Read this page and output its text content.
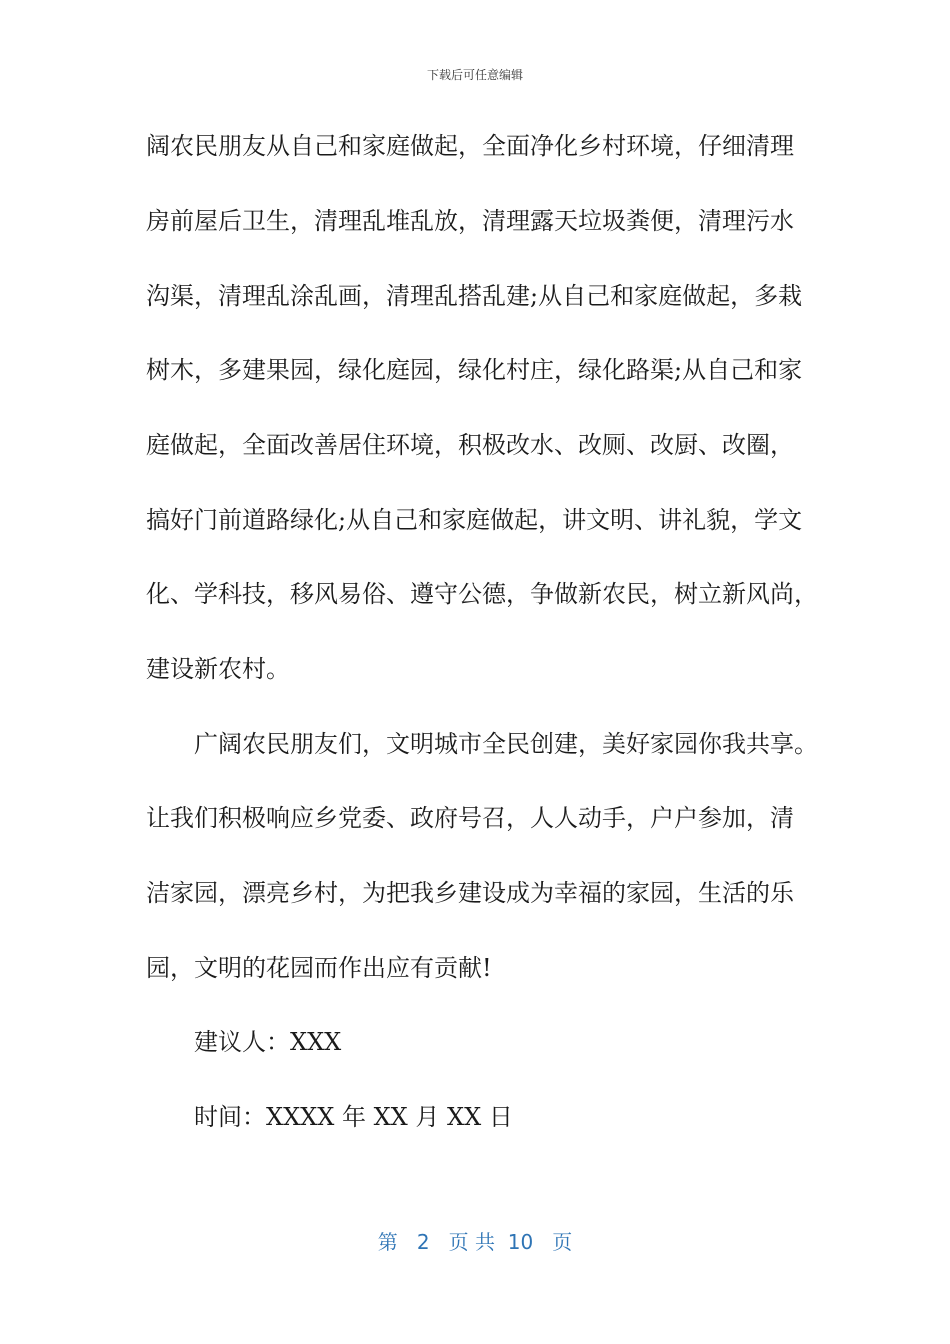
下载后可任意编辑
阔农民朋友从自己和家庭做起，全面净化乡村环境，仔细清理
房前屋后卫生，清理乱堆乱放，清理露天垃圾粪便，清理污水
沟渠，清理乱涂乱画，清理乱搭乱建;从自己和家庭做起，多栽
树木，多建果园，绿化庭园，绿化村庄，绿化路渠;从自己和家
庭做起，全面改善居住环境，积极改水、改厕、改厨、改圈，
搞好门前道路绿化;从自己和家庭做起，讲文明、讲礼貌，学文
化、学科技，移风易俗、遵守公德，争做新农民，树立新风尚，
建设新农村。
广阔农民朋友们，文明城市全民创建，美好家园你我共享。
让我们积极响应乡党委、政府号召，人人动手，户户参加，清
洁家园，漂亮乡村，为把我乡建设成为幸福的家园，生活的乐
园，文明的花园而作出应有贡献!
建议人：XXX
时间：XXXX 年 XX 月 XX 日
第 2 页 共 10 页
